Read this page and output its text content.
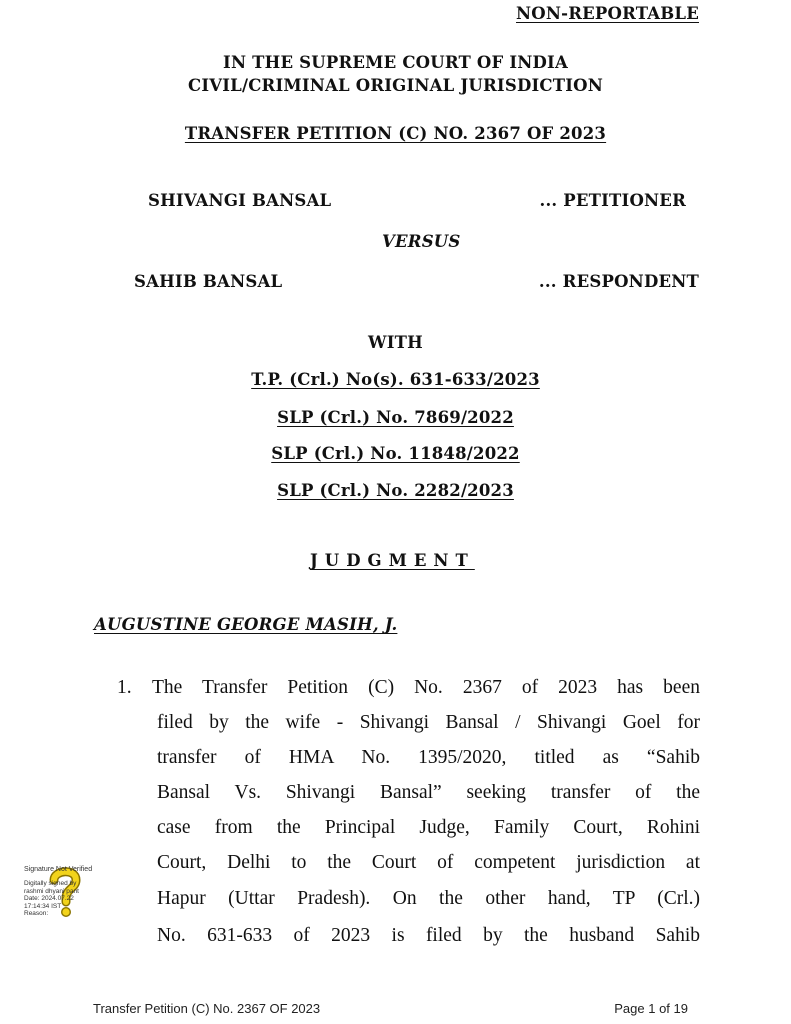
NON-REPORTABLE
IN THE SUPREME COURT OF INDIA
CIVIL/CRIMINAL ORIGINAL JURISDICTION
TRANSFER PETITION (C) NO. 2367 OF 2023
SHIVANGI BANSAL	... PETITIONER
VERSUS
SAHIB BANSAL	... RESPONDENT
WITH
T.P. (Crl.) No(s). 631-633/2023
SLP (Crl.) No. 7869/2022
SLP (Crl.) No. 11848/2022
SLP (Crl.) No. 2282/2023
JUDGMENT
AUGUSTINE GEORGE MASIH, J.
1. The Transfer Petition (C) No. 2367 of 2023 has been
filed by the wife - Shivangi Bansal / Shivangi Goel for
transfer of HMA No. 1395/2020, titled as “Sahib
Bansal Vs. Shivangi Bansal” seeking transfer of the
case from the Principal Judge, Family Court, Rohini
Court, Delhi to the Court of competent jurisdiction at
Hapur (Uttar Pradesh). On the other hand, TP (Crl.)
No. 631-633 of 2023 is filed by the husband Sahib
Signature Not Verified
Digitally signed by
rashmi dhyani pant
Date: 2024.07.22
17:14:34 IST
Reason:
Transfer Petition (C) No. 2367 OF 2023	Page 1 of 19
